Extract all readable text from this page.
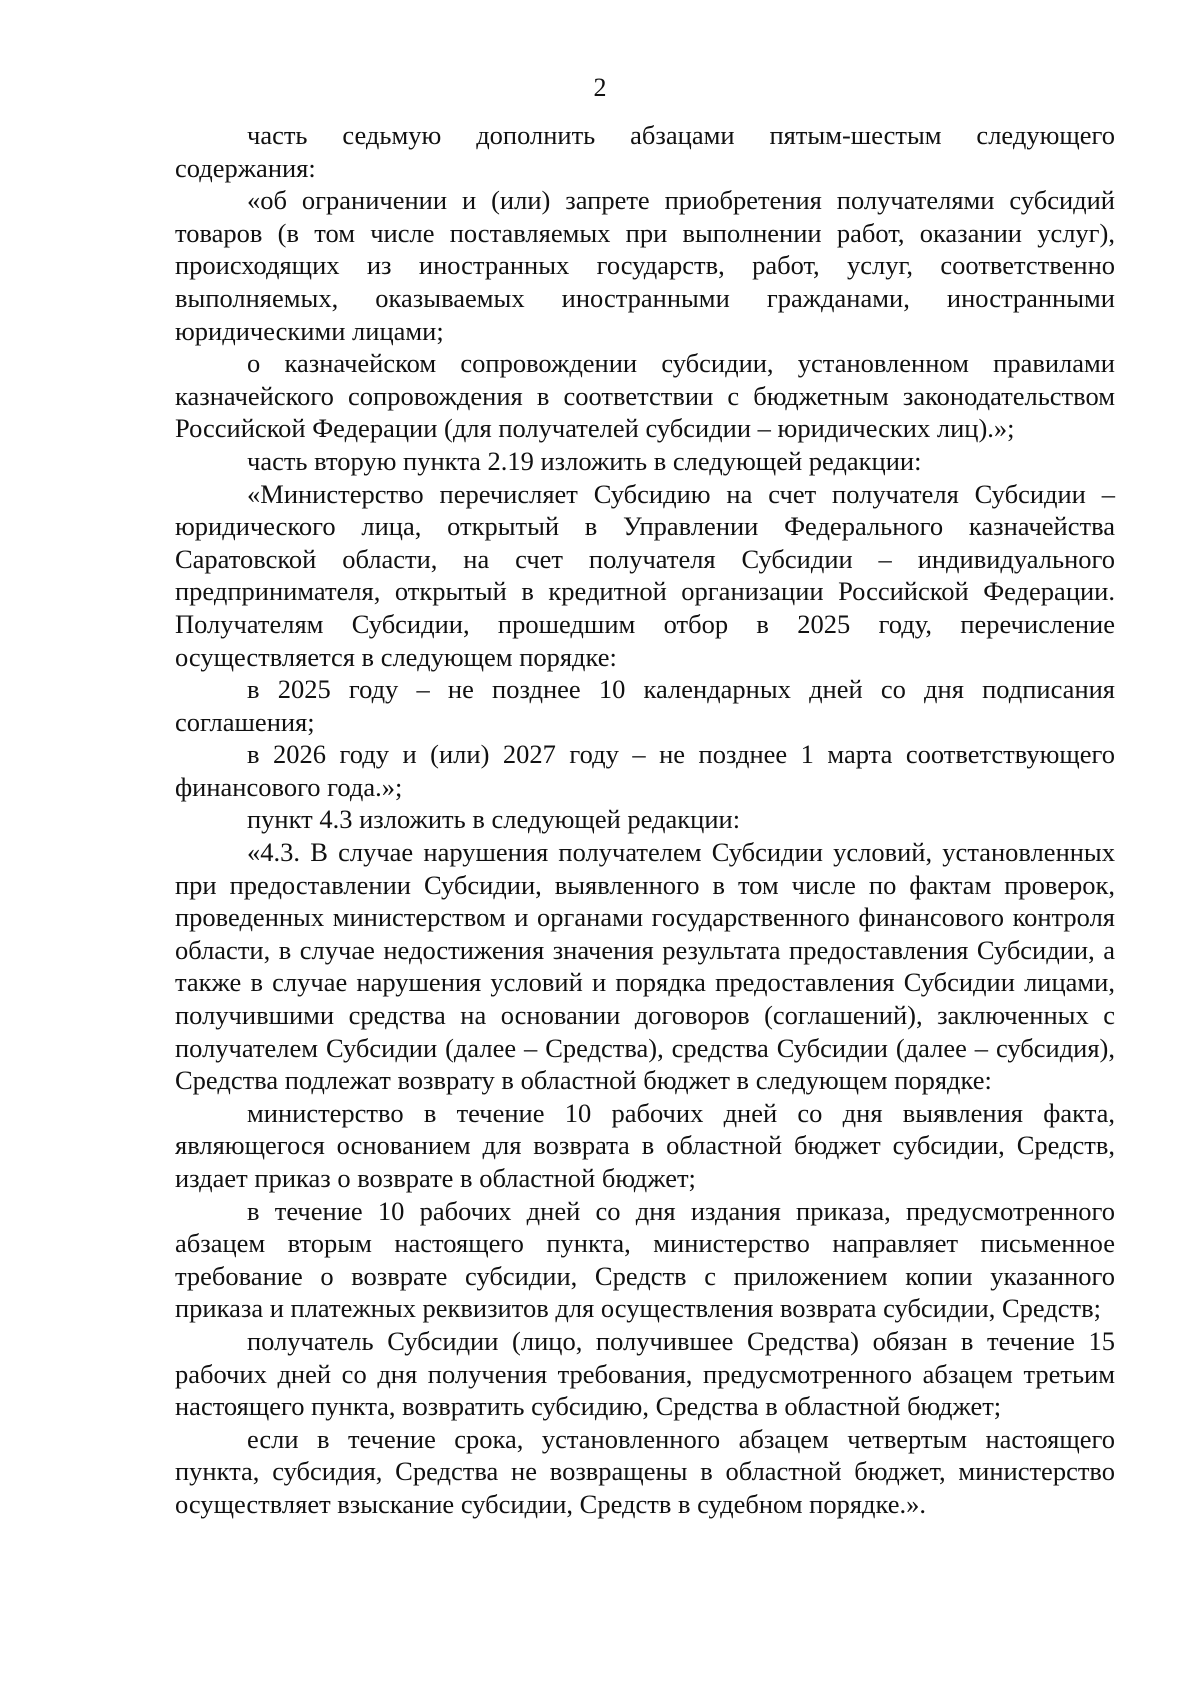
2

часть седьмую дополнить абзацами пятым-шестым следующего содержания:

«об ограничении и (или) запрете приобретения получателями субсидий товаров (в том числе поставляемых при выполнении работ, оказании услуг), происходящих из иностранных государств, работ, услуг, соответственно выполняемых, оказываемых иностранными гражданами, иностранными юридическими лицами;

о казначейском сопровождении субсидии, установленном правилами казначейского сопровождения в соответствии с бюджетным законодательством Российской Федерации (для получателей субсидии – юридических лиц).»;

часть вторую пункта 2.19 изложить в следующей редакции:

«Министерство перечисляет Субсидию на счет получателя Субсидии – юридического лица, открытый в Управлении Федерального казначейства Саратовской области, на счет получателя Субсидии – индивидуального предпринимателя, открытый в кредитной организации Российской Федерации. Получателям Субсидии, прошедшим отбор в 2025 году, перечисление осуществляется в следующем порядке:

в 2025 году – не позднее 10 календарных дней со дня подписания соглашения;

в 2026 году и (или) 2027 году – не позднее 1 марта соответствующего финансового года.»;

пункт 4.3 изложить в следующей редакции:

«4.3. В случае нарушения получателем Субсидии условий, установленных при предоставлении Субсидии, выявленного в том числе по фактам проверок, проведенных министерством и органами государственного финансового контроля области, в случае недостижения значения результата предоставления Субсидии, а также в случае нарушения условий и порядка предоставления Субсидии лицами, получившими средства на основании договоров (соглашений), заключенных с получателем Субсидии (далее – Средства), средства Субсидии (далее – субсидия), Средства подлежат возврату в областной бюджет в следующем порядке:

министерство в течение 10 рабочих дней со дня выявления факта, являющегося основанием для возврата в областной бюджет субсидии, Средств, издает приказ о возврате в областной бюджет;

в течение 10 рабочих дней со дня издания приказа, предусмотренного абзацем вторым настоящего пункта, министерство направляет письменное требование о возврате субсидии, Средств с приложением копии указанного приказа и платежных реквизитов для осуществления возврата субсидии, Средств;

получатель Субсидии (лицо, получившее Средства) обязан в течение 15 рабочих дней со дня получения требования, предусмотренного абзацем третьим настоящего пункта, возвратить субсидию, Средства в областной бюджет;

если в течение срока, установленного абзацем четвертым настоящего пункта, субсидия, Средства не возвращены в областной бюджет, министерство осуществляет взыскание субсидии, Средств в судебном порядке.».
